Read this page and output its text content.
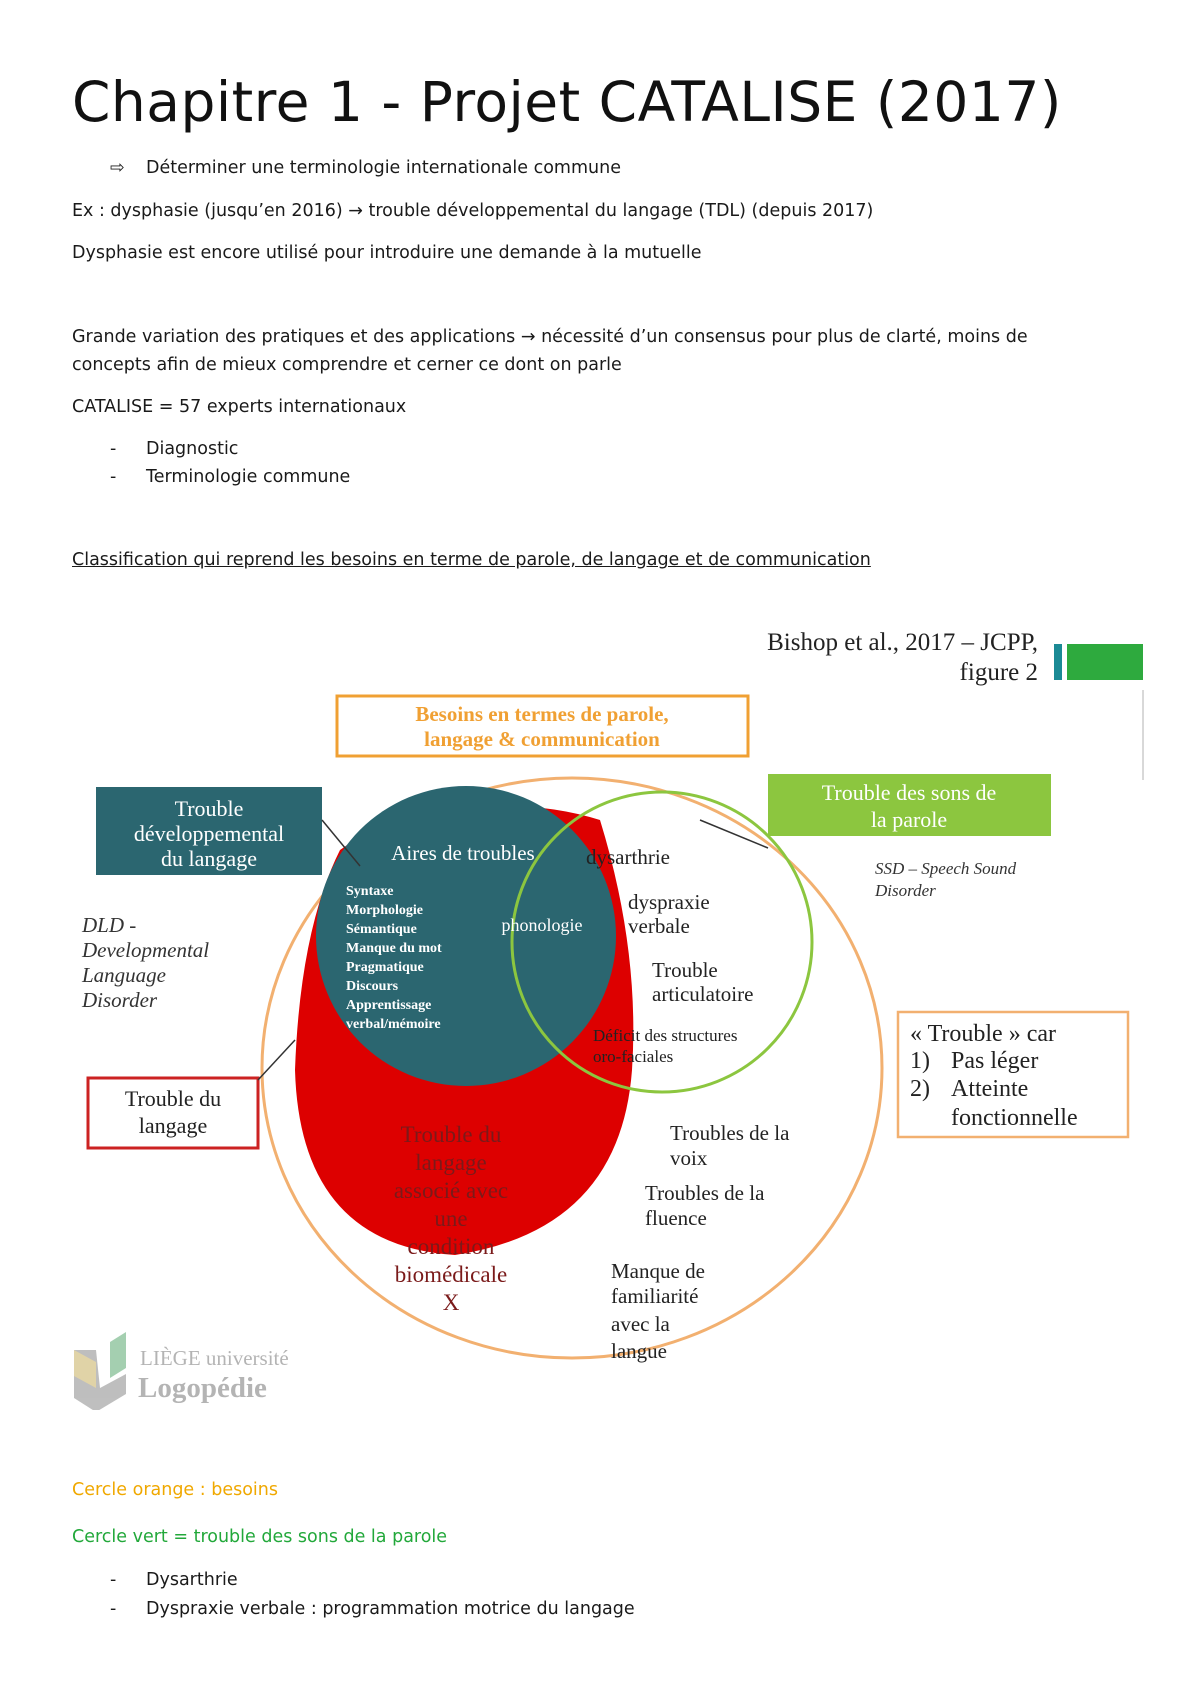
Chapitre 1 - Projet CATALISE (2017)
⇨ Déterminer une terminologie internationale commune
Ex : dysphasie (jusqu’en 2016) → trouble développemental du langage (TDL) (depuis 2017)
Dysphasie est encore utilisé pour introduire une demande à la mutuelle
Grande variation des pratiques et des applications → nécessité d’un consensus pour plus de clarté, moins de
concepts afin de mieux comprendre et cerner ce dont on parle
CATALISE = 57 experts internationaux
- Diagnostic
- Terminologie commune
Classification qui reprend les besoins en terme de parole, de langage et de communication
Bishop et al., 2017 – JCPP,
figure 2
Besoins en termes de parole,
langage & communication
Trouble
développemental
du langage
DLD -
Developmental
Language
Disorder
Trouble du
langage
Trouble des sons de
la parole
SSD – Speech Sound
Disorder
Aires de troubles
Syntaxe
Morphologie
Sémantique
Manque du mot
Pragmatique
Discours
Apprentissage
verbal/mémoire
phonologie
dysarthrie
dyspraxie
verbale
Trouble
articulatoire
Déficit des structures
oro-faciales
Trouble du
langage
associé avec
une
condition
biomédicale
X
Troubles de la
voix
Troubles de la
fluence
Manque de
familiarité
avec la
langue
« Trouble » car
1) Pas léger
2) Atteinte
fonctionnelle
LIÈGE université
Logopédie
Cercle orange : besoins
Cercle vert = trouble des sons de la parole
- Dysarthrie
- Dyspraxie verbale : programmation motrice du langage
